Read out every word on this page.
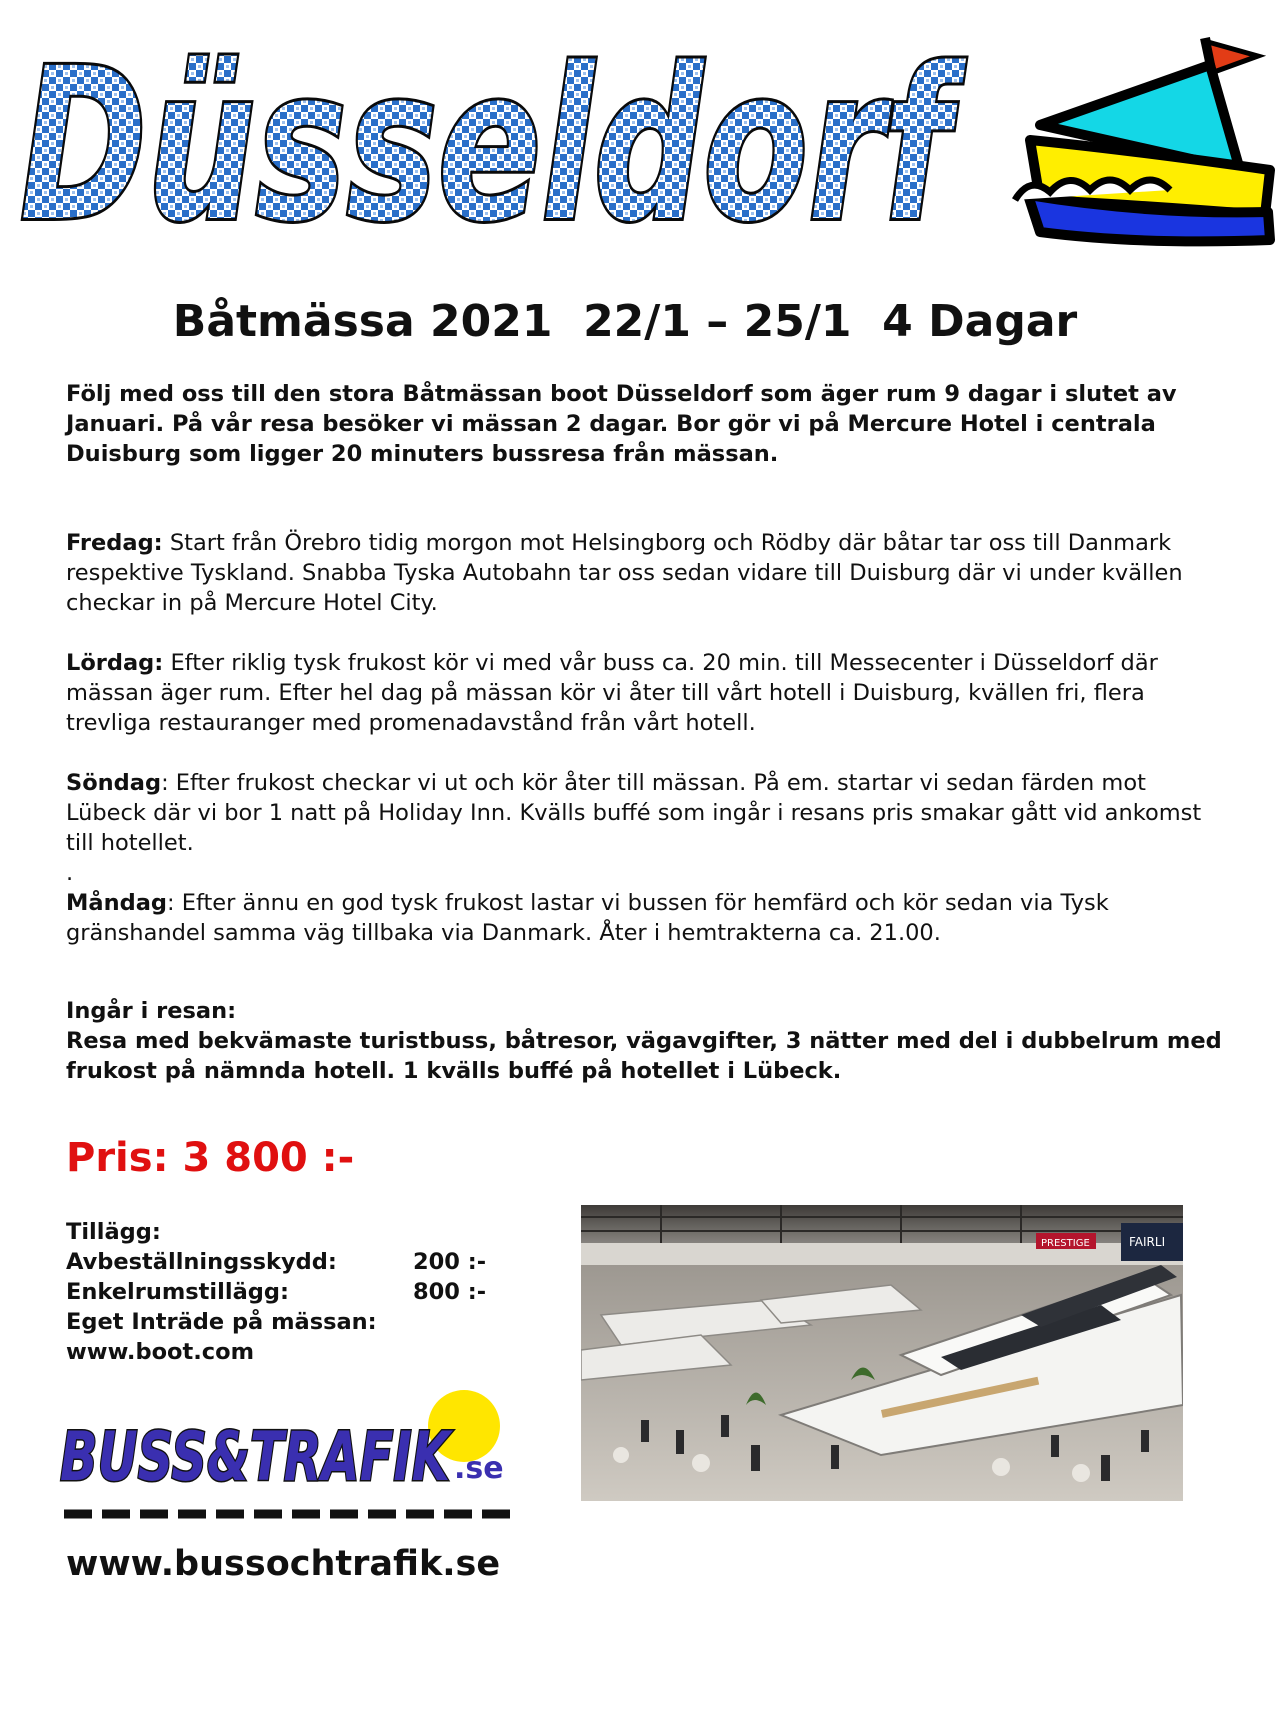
Düsseldorf
Båtmässa 2021  22/1 – 25/1  4 Dagar

Följ med oss till den stora Båtmässan boot Düsseldorf som äger rum 9 dagar i slutet av Januari. På vår resa besöker vi mässan 2 dagar. Bor gör vi på Mercure Hotel i centrala Duisburg som ligger 20 minuters bussresa från mässan.

Fredag: Start från Örebro tidig morgon mot Helsingborg och Rödby där båtar tar oss till Danmark respektive Tyskland. Snabba Tyska Autobahn tar oss sedan vidare till Duisburg där vi under kvällen checkar in på Mercure Hotel City.

Lördag: Efter riklig tysk frukost kör vi med vår buss ca. 20 min. till Messecenter i Düsseldorf där mässan äger rum. Efter hel dag på mässan kör vi åter till vårt hotell i Duisburg, kvällen fri, flera trevliga restauranger med promenadavstånd från vårt hotell.

Söndag: Efter frukost checkar vi ut och kör åter till mässan. På em. startar vi sedan färden mot Lübeck där vi bor 1 natt på Holiday Inn. Kvälls buffé som ingår i resans pris smakar gått vid ankomst till hotellet.

.

Måndag: Efter ännu en god tysk frukost lastar vi bussen för hemfärd och kör sedan via Tysk gränshandel samma väg tillbaka via Danmark. Åter i hemtrakterna ca. 21.00.

Ingår i resan:

Resa med bekvämaste turistbuss, båtresor, vägavgifter, 3 nätter med del i dubbelrum med frukost på nämnda hotell. 1 kvälls buffé på hotellet i Lübeck.

Pris: 3 800 :-
Tillägg:
Avbeställningsskydd:	200 :-
Enkelrumstillägg:	800 :-
Eget Inträde på mässan:
www.boot.com
BUSS&TRAFIK .se
www.bussochtrafik.se
PRESTIGE	FAIRLI
